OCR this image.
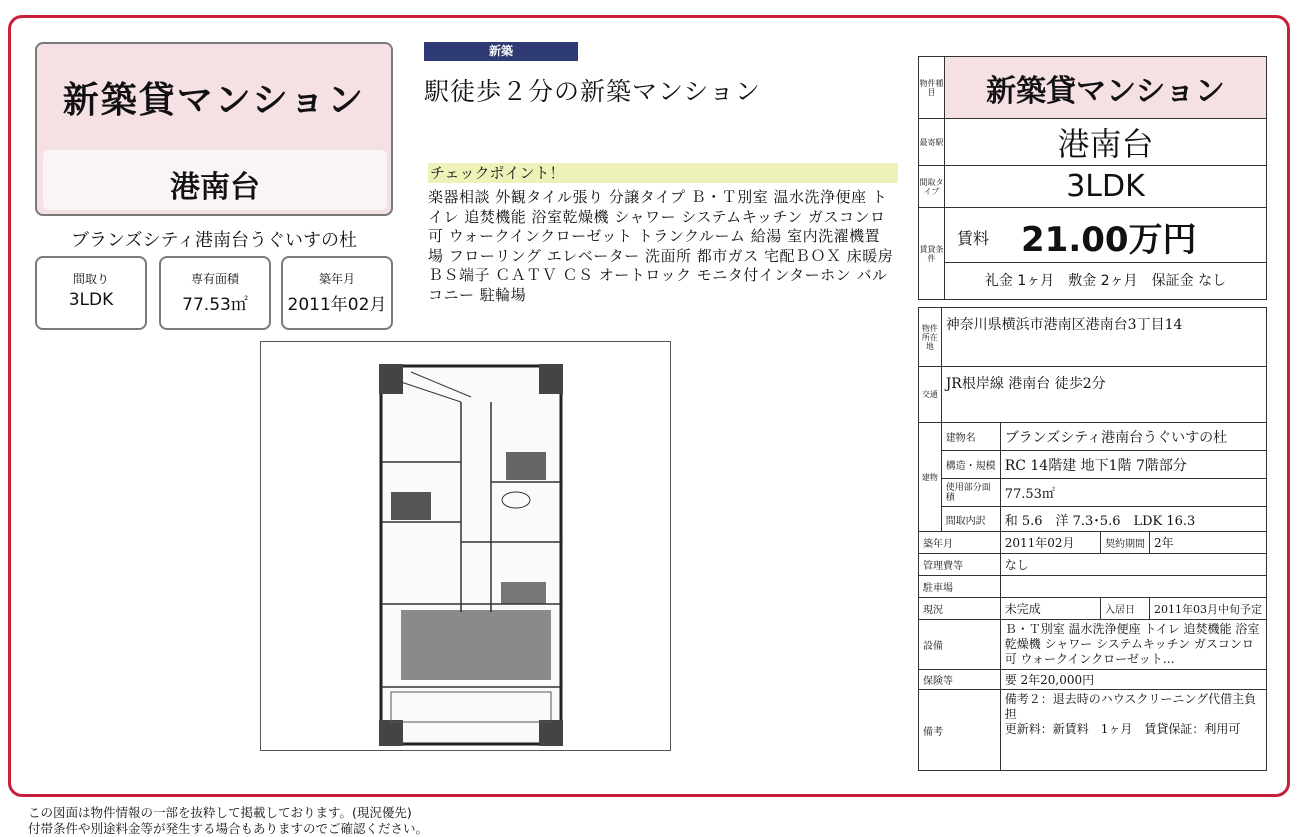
新築貸マンション
港南台
ブランズシティ港南台うぐいすの杜
間取り
3LDK
専有面積
77.53㎡
築年月
2011年02月
新築
駅徒歩２分の新築マンション
チェックポイント！
楽器相談 外観タイル張り 分譲タイプ Ｂ・Ｔ別室 温水洗浄便座 トイレ 追焚機能 浴室乾燥機 シャワー システムキッチン ガスコンロ可 ウォークインクローゼット トランクルーム 給湯 室内洗濯機置場 フローリング エレベーター 洗面所 都市ガス 宅配ＢＯＸ 床暖房 ＢＳ端子 ＣＡＴＶ ＣＳ オートロック モニタ付インターホン バルコニー 駐輪場
物件種目	新築貸マンション
最寄駅	港南台
間取タイプ	3LDK
賃貸条件	賃料 21.00万円
礼金 1ヶ月　敷金 2ヶ月　保証金 なし
物件所在地	神奈川県横浜市港南区港南台3丁目14			
交通	JR根岸線 港南台 徒歩2分			
建物	建物名	ブランズシティ港南台うぐいすの杜		
	構造・規模	RC 14階建 地下1階 7階部分		
	使用部分面積	77.53㎡		
	間取内訳	和 5.6　洋 7.3･5.6　LDK 16.3		
築年月		2011年02月	契約期間	2年
管理費等		なし		
駐車場				
現況		未完成	入居日	2011年03月中旬予定
設備		Ｂ・Ｔ別室 温水洗浄便座 トイレ 追焚機能 浴室乾燥機 シャワー システムキッチン ガスコンロ可 ウォークインクローゼット…		
保険等		要 2年20,000円		
備考		備考２：退去時のハウスクリーニング代借主負担
更新料：新賃料　1ヶ月　賃貸保証：利用可		
この図面は物件情報の一部を抜粋して掲載しております。(現況優先)
付帯条件や別途料金等が発生する場合もありますのでご確認ください。
